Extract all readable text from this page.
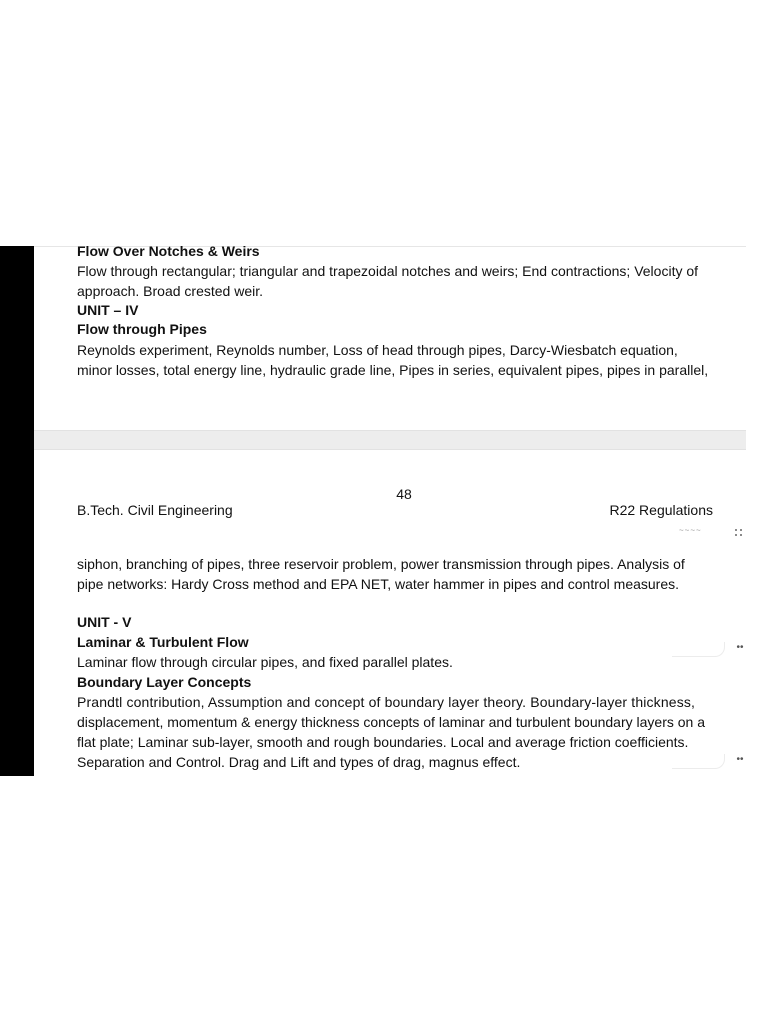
Flow Over Notches & Weirs
Flow through rectangular; triangular and trapezoidal notches and weirs; End contractions; Velocity of
approach. Broad crested weir.
UNIT – IV
Flow through Pipes
Reynolds experiment, Reynolds number, Loss of head through pipes, Darcy-Wiesbatch equation,
minor losses, total energy line, hydraulic grade line, Pipes in series, equivalent pipes, pipes in parallel,
48
B.Tech. Civil Engineering	R22 Regulations
~~~~
siphon, branching of pipes, three reservoir problem, power transmission through pipes. Analysis of
pipe networks: Hardy Cross method and EPA NET, water hammer in pipes and control measures.
UNIT - V
Laminar & Turbulent Flow
Laminar flow through circular pipes, and fixed parallel plates.
Boundary Layer Concepts
Prandtl contribution, Assumption and concept of boundary layer theory. Boundary-layer thickness,
displacement, momentum & energy thickness concepts of laminar and turbulent boundary layers on a
flat plate; Laminar sub-layer, smooth and rough boundaries. Local and average friction coefficients.
Separation and Control. Drag and Lift and types of drag, magnus effect.
••
••
